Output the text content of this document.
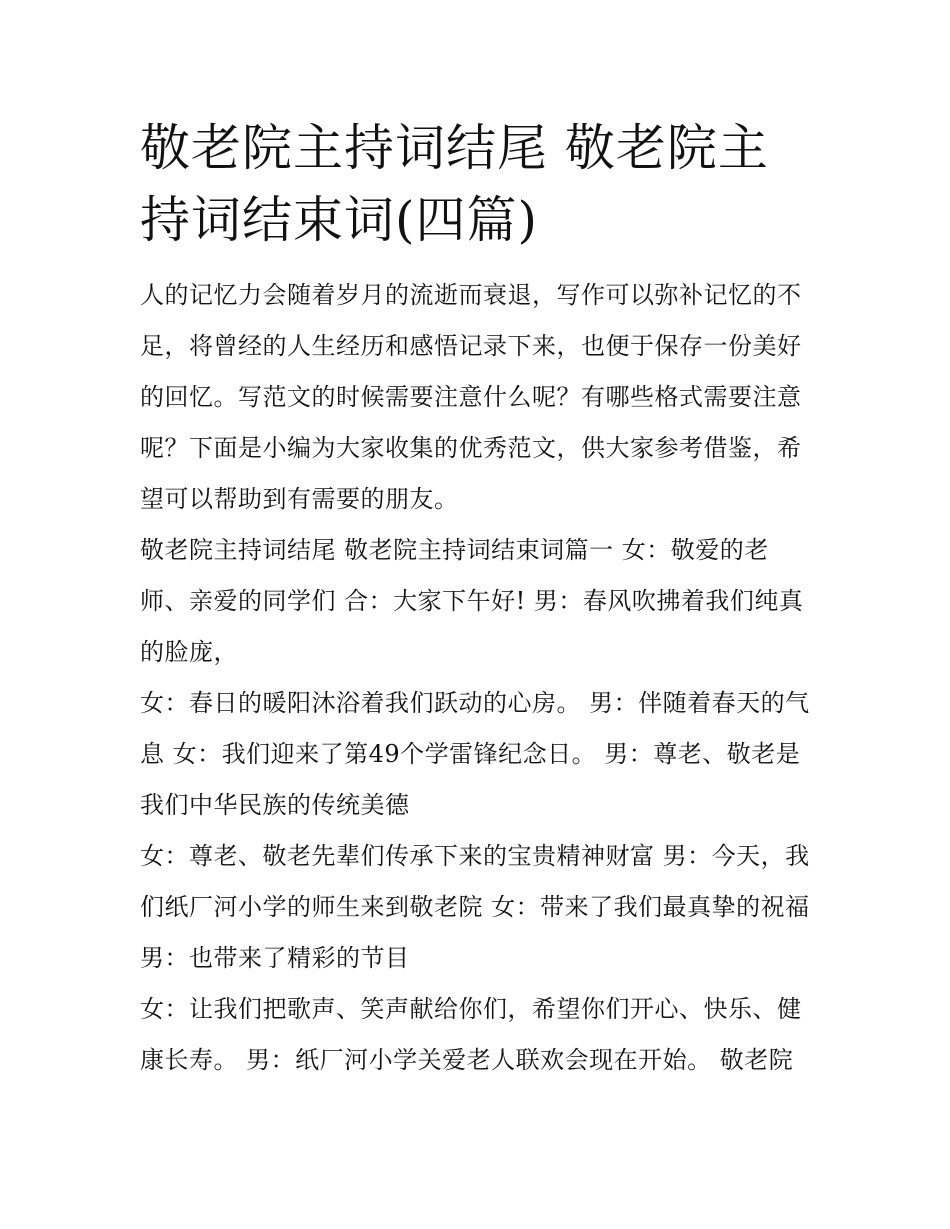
敬老院主持词结尾 敬老院主持词结束词(四篇)

人的记忆力会随着岁月的流逝而衰退，写作可以弥补记忆的不足，将曾经的人生经历和感悟记录下来，也便于保存一份美好的回忆。写范文的时候需要注意什么呢？有哪些格式需要注意呢？下面是小编为大家收集的优秀范文，供大家参考借鉴，希望可以帮助到有需要的朋友。

敬老院主持词结尾 敬老院主持词结束词篇一 女：敬爱的老师、亲爱的同学们 合：大家下午好! 男：春风吹拂着我们纯真的脸庞，

女：春日的暖阳沐浴着我们跃动的心房。 男：伴随着春天的气息 女：我们迎来了第49个学雷锋纪念日。 男：尊老、敬老是我们中华民族的传统美德

女：尊老、敬老先辈们传承下来的宝贵精神财富 男：今天，我们纸厂河小学的师生来到敬老院 女：带来了我们最真挚的祝福 男：也带来了精彩的节目

女：让我们把歌声、笑声献给你们，希望你们开心、快乐、健康长寿。 男：纸厂河小学关爱老人联欢会现在开始。 敬老院
